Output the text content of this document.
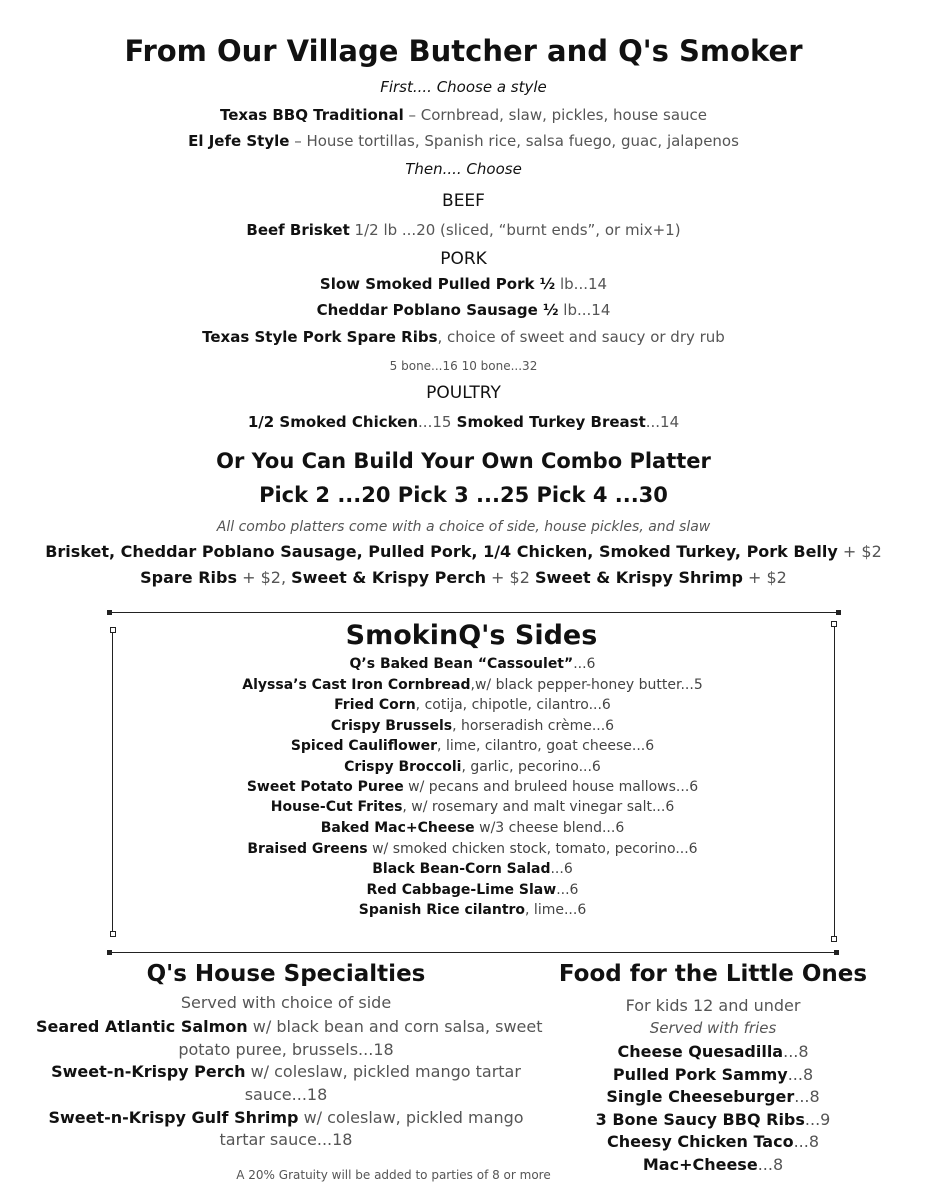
From Our Village Butcher and Q's Smoker
First.... Choose a style
Texas BBQ Traditional – Cornbread, slaw, pickles, house sauce
El Jefe Style – House tortillas, Spanish rice, salsa fuego, guac, jalapenos
Then.... Choose
BEEF
Beef Brisket 1/2 lb ...20 (sliced, “burnt ends”, or mix+1)
PORK
Slow Smoked Pulled Pork ½ lb...14
Cheddar Poblano Sausage ½ lb...14
Texas Style Pork Spare Ribs, choice of sweet and saucy or dry rub
5 bone...16 10 bone...32
POULTRY
1/2 Smoked Chicken...15 Smoked Turkey Breast...14
Or You Can Build Your Own Combo Platter
Pick 2 ...20 Pick 3 ...25 Pick 4 ...30
All combo platters come with a choice of side, house pickles, and slaw
Brisket, Cheddar Poblano Sausage, Pulled Pork, 1/4 Chicken, Smoked Turkey, Pork Belly + $2
Spare Ribs + $2, Sweet & Krispy Perch + $2 Sweet & Krispy Shrimp + $2
SmokinQ's Sides
Q’s Baked Bean “Cassoulet”...6
Alyssa’s Cast Iron Cornbread,w/ black pepper-honey butter...5
Fried Corn, cotija, chipotle, cilantro...6
Crispy Brussels, horseradish crème...6
Spiced Cauliflower, lime, cilantro, goat cheese...6
Crispy Broccoli, garlic, pecorino...6
Sweet Potato Puree w/ pecans and bruleed house mallows...6
House-Cut Frites, w/ rosemary and malt vinegar salt...6
Baked Mac+Cheese w/3 cheese blend...6
Braised Greens w/ smoked chicken stock, tomato, pecorino...6
Black Bean-Corn Salad...6
Red Cabbage-Lime Slaw...6
Spanish Rice cilantro, lime...6
Q's House Specialties
Served with choice of side
Seared Atlantic Salmon w/ black bean and corn salsa, sweet
potato puree, brussels...18
Sweet-n-Krispy Perch w/ coleslaw, pickled mango tartar
sauce...18
Sweet-n-Krispy Gulf Shrimp w/ coleslaw, pickled mango
tartar sauce...18
Food for the Little Ones
For kids 12 and under
Served with fries
Cheese Quesadilla...8
Pulled Pork Sammy...8
Single Cheeseburger...8
3 Bone Saucy BBQ Ribs...9
Cheesy Chicken Taco...8
Mac+Cheese...8
A 20% Gratuity will be added to parties of 8 or more
